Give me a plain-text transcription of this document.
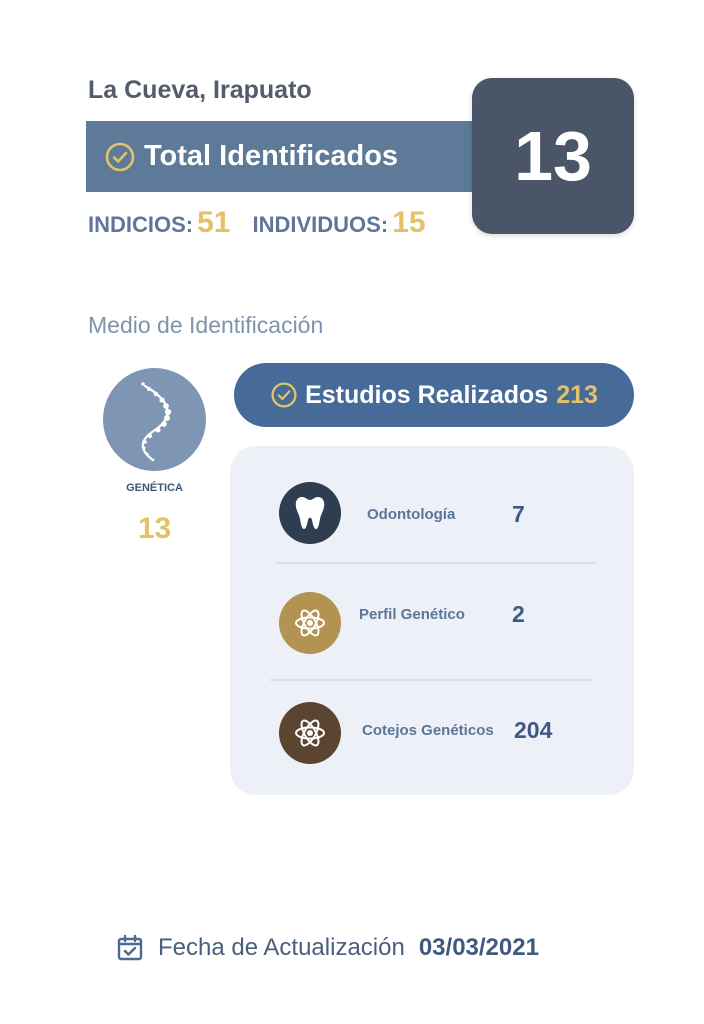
La Cueva, Irapuato
Total Identificados	13
INDICIOS: 51 INDIVIDUOS: 15
Medio de Identificación
GENÉTICA
13
Estudios Realizados 213
Odontología 7
Perfil Genético 2
Cotejos Genéticos 204
Fecha de Actualización 03/03/2021
